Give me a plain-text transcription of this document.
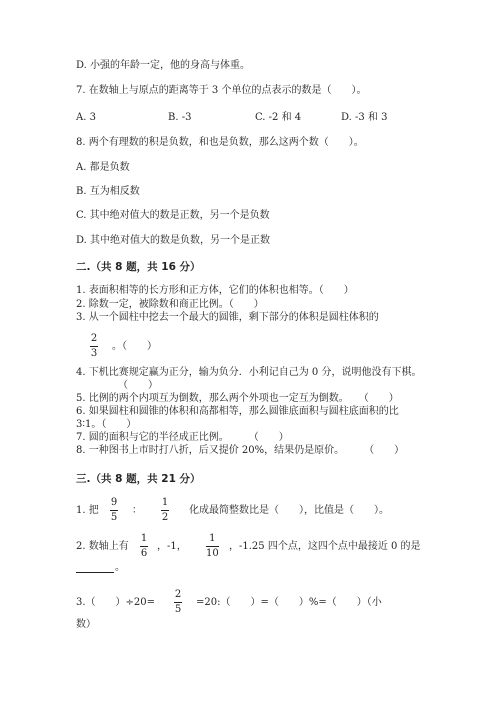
D. 小强的年龄一定，他的身高与体重。
7. 在数轴上与原点的距离等于 3 个单位的点表示的数是（　　）。
A. 3	B. -3	C. -2 和 4	D. -3 和 3
8. 两个有理数的积是负数，和也是负数，那么这两个数（　　）。
A. 都是负数
B. 互为相反数
C. 其中绝对值大的数是正数，另一个是负数
D. 其中绝对值大的数是负数，另一个是正数
二.（共 8 题，共 16 分）
1. 表面积相等的长方形和正方体，它们的体积也相等。（　　）
2. 除数一定，被除数和商正比例。（　　）
3. 从一个圆柱中挖去一个最大的圆锥，剩下部分的体积是圆柱体积的
2
3
。（　　）
4. 下机比赛规定赢为正分，输为负分．小利记自己为 0 分，说明他没有下棋。
（　　）
5. 比例的两个内项互为倒数，那么两个外项也一定互为倒数。　　（　　）
6. 如果圆柱和圆锥的体积和高都相等，那么圆锥底面积与圆柱底面积的比
3∶1。（　　）
7. 圆的面积与它的半径成正比例。　　　（　　）
8. 一种图书上市时打八折，后又提价 20%，结果仍是原价。　　　（　　）
三.（共 8 题，共 21 分）
1. 把
9
5
：
1
2
化成最简整数比是（　　），比值是（　　）。
2. 数轴上有
1
6
，-1，
1
10
，-1.25 四个点，这四个点中最接近 0 的是
。
3.（　　）÷20=
2
5
=20:（　　）=（　　）%=（　　）（小
数）
